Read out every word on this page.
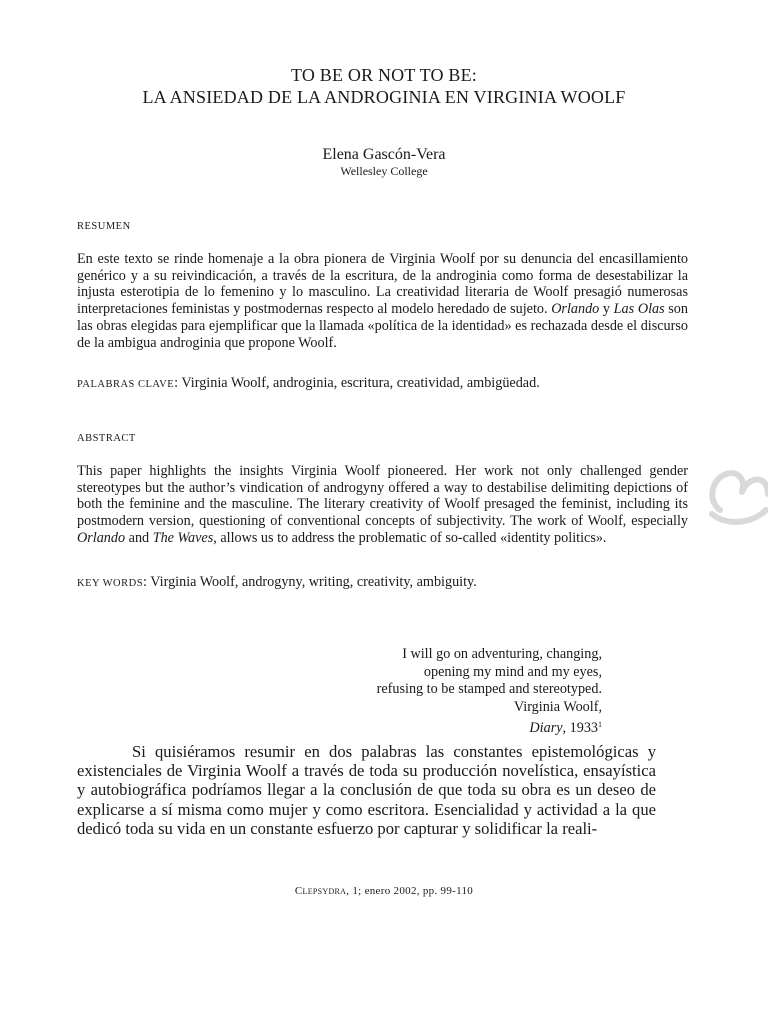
TO BE OR NOT TO BE:
LA ANSIEDAD DE LA ANDROGINIA EN VIRGINIA WOOLF
Elena Gascón-Vera
Wellesley College
RESUMEN

En este texto se rinde homenaje a la obra pionera de Virginia Woolf por su denuncia del encasillamiento genérico y a su reivindicación, a través de la escritura, de la androginia como forma de desestabilizar la injusta esterotipia de lo femenino y lo masculino. La creatividad literaria de Woolf presagió numerosas interpretaciones feministas y postmodernas respecto al modelo heredado de sujeto. Orlando y Las Olas son las obras elegidas para ejemplificar que la llamada «política de la identidad» es rechazada desde el discurso de la ambigua androginia que propone Woolf.

PALABRAS CLAVE: Virginia Woolf, androginia, escritura, creatividad, ambigüedad.
ABSTRACT

This paper highlights the insights Virginia Woolf pioneered. Her work not only challenged gender stereotypes but the author’s vindication of androgyny offered a way to destabilise delimiting depictions of both the feminine and the masculine. The literary creativity of Woolf presaged the feminist, including its postmodern version, questioning of conventional concepts of subjectivity. The work of Woolf, especially Orlando and The Waves, allows us to address the problematic of so-called «identity politics».

KEY WORDS: Virginia Woolf, androgyny, writing, creativity, ambiguity.
I will go on adventuring, changing,
opening my mind and my eyes,
refusing to be stamped and stereotyped.
Virginia Woolf,
Diary, 1933$^1$

Si quisiéramos resumir en dos palabras las constantes epistemológicas y existenciales de Virginia Woolf a través de toda su producción novelística, ensayística y autobiográfica podríamos llegar a la conclusión de que toda su obra es un deseo de explicarse a sí misma como mujer y como escritora. Esencialidad y actividad a la que dedicó toda su vida en un constante esfuerzo por capturar y solidificar la reali-

Clepsydra, 1; enero 2002, pp. 99-110
